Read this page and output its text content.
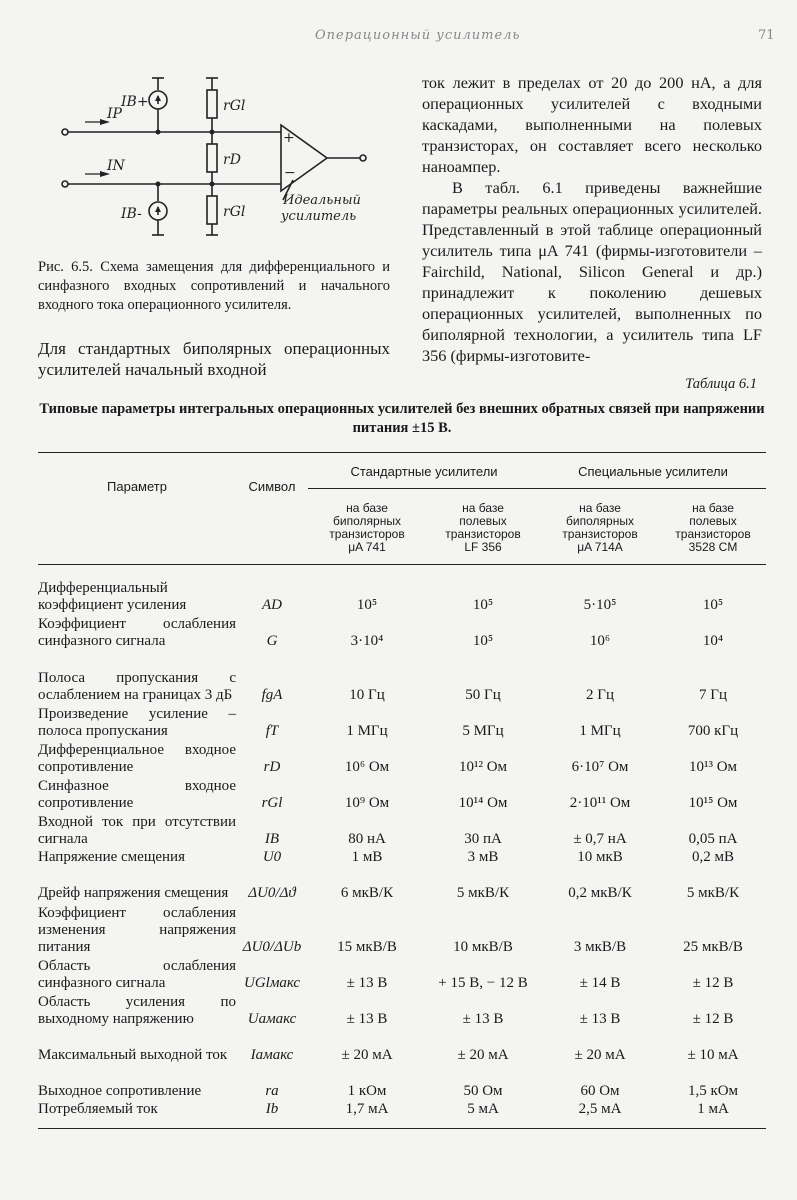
Операционный усилитель	71
IB+
IP
IN
IB-
rGl
rD
rGl
+
−
Идеальный
усилитель
Рис. 6.5. Схема замещения для дифференциального и синфазного входных сопротивлений и начального входного тока операционного усилителя.
Для стандартных биполярных операционных усилителей начальный входной

ток лежит в пределах от 20 до 200 нА, а для операционных усилителей с входными каскадами, выполненными на полевых транзисторах, он составляет всего несколько наноампер.

В табл. 6.1 приведены важнейшие параметры реальных операционных усилителей. Представленный в этой таблице операционный усилитель типа μA 741 (фирмы-изготовители – Fairchild, National, Silicon General и др.) принадлежит к поколению дешевых операционных усилителей, выполненных по биполярной технологии, а усилитель типа LF 356 (фирмы-изготовите-

Таблица 6.1
Типовые параметры интегральных операционных усилителей без внешних обратных связей при напряжении питания ±15 В.
Параметр	Символ
Стандартные усилители	Специальные усилители
на базе
биполярных
транзисторов
μA 741
на базе
полевых
транзисторов
LF 356
на базе
биполярных
транзисторов
μA 714A
на базе
полевых
транзисторов
3528 CM
Дифференциальный коэффициент усиления	AD	10⁵	10⁵	5·10⁵	10⁵
Коэффициент ослабления синфазного сигнала	G	3·10⁴	10⁵	10⁶	10⁴
Полоса пропускания с ослаблением на границах 3 дБ	fgA	10 Гц	50 Гц	2 Гц	7 Гц
Произведение усиление – полоса пропускания	fT	1 МГц	5 МГц	1 МГц	700 кГц
Дифференциальное входное сопротивление	rD	10⁶ Ом	10¹² Ом	6·10⁷ Ом	10¹³ Ом
Синфазное входное сопротивление	rGl	10⁹ Ом	10¹⁴ Ом	2·10¹¹ Ом	10¹⁵ Ом
Входной ток при отсутствии сигнала	IB	80 нА	30 пА	± 0,7 нА	0,05 пА
Напряжение смещения	U0	1 мВ	3 мВ	10 мкВ	0,2 мВ
Дрейф напряжения смещения	ΔU0/Δϑ	6 мкВ/К	5 мкВ/К	0,2 мкВ/К	5 мкВ/К
Коэффициент ослабления изменения напряжения питания	ΔU0/ΔUb	15 мкВ/В	10 мкВ/В	3 мкВ/В	25 мкВ/В
Область ослабления синфазного сигнала	UGlмакс	± 13 В	+ 15 В, − 12 В	± 14 В	± 12 В
Область усиления по выходному напряжению	Uaмакс	± 13 В	± 13 В	± 13 В	± 12 В
Максимальный выходной ток	Iaмакс	± 20 мА	± 20 мА	± 20 мА	± 10 мА
Выходное сопротивление	ra	1 кОм	50 Ом	60 Ом	1,5 кОм
Потребляемый ток	Ib	1,7 мА	5 мА	2,5 мА	1 мА
